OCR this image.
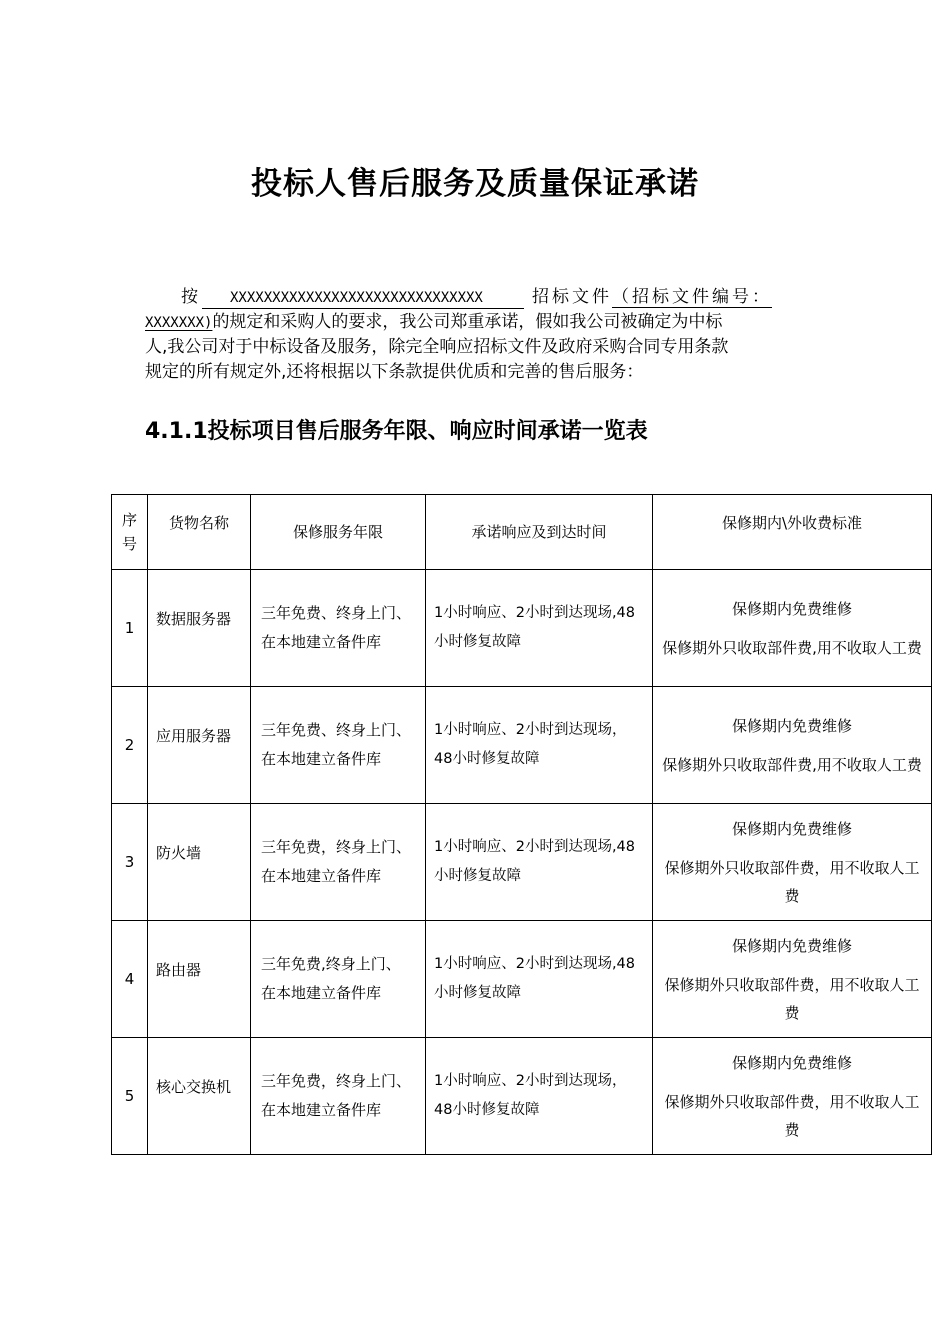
投标人售后服务及质量保证承诺
按	XXXXXXXXXXXXXXXXXXXXXXXXXXXXXX	招标文件 （招标文件编号：
XXXXXXX)的规定和采购人的要求，我公司郑重承诺，假如我公司被确定为中标
人,我公司对于中标设备及服务，除完全响应招标文件及政府采购合同专用条款
规定的所有规定外,还将根据以下条款提供优质和完善的售后服务：
4.1.1投标项目售后服务年限、响应时间承诺一览表
序
号	货物名称	保修服务年限	承诺响应及到达时间	保修期内\外收费标准
1	数据服务器	三年免费、终身上门、在本地建立备件库	1小时响应、2小时到达现场,48小时修复故障	保修期内免费维修
保修期外只收取部件费,用不收取人工费

2	应用服务器	三年免费、终身上门、在本地建立备件库	1小时响应、2小时到达现场，48小时修复故障	保修期内免费维修
保修期外只收取部件费,用不收取人工费

3	防火墙	三年免费，终身上门、在本地建立备件库	1小时响应、2小时到达现场,48小时修复故障	保修期内免费维修
保修期外只收取部件费，用不收取人工费

4	路由器	三年免费,终身上门、在本地建立备件库	1小时响应、2小时到达现场,48小时修复故障	保修期内免费维修
保修期外只收取部件费，用不收取人工费

5	核心交换机	三年免费，终身上门、在本地建立备件库	1小时响应、2小时到达现场，48小时修复故障	保修期内免费维修
保修期外只收取部件费，用不收取人工费
